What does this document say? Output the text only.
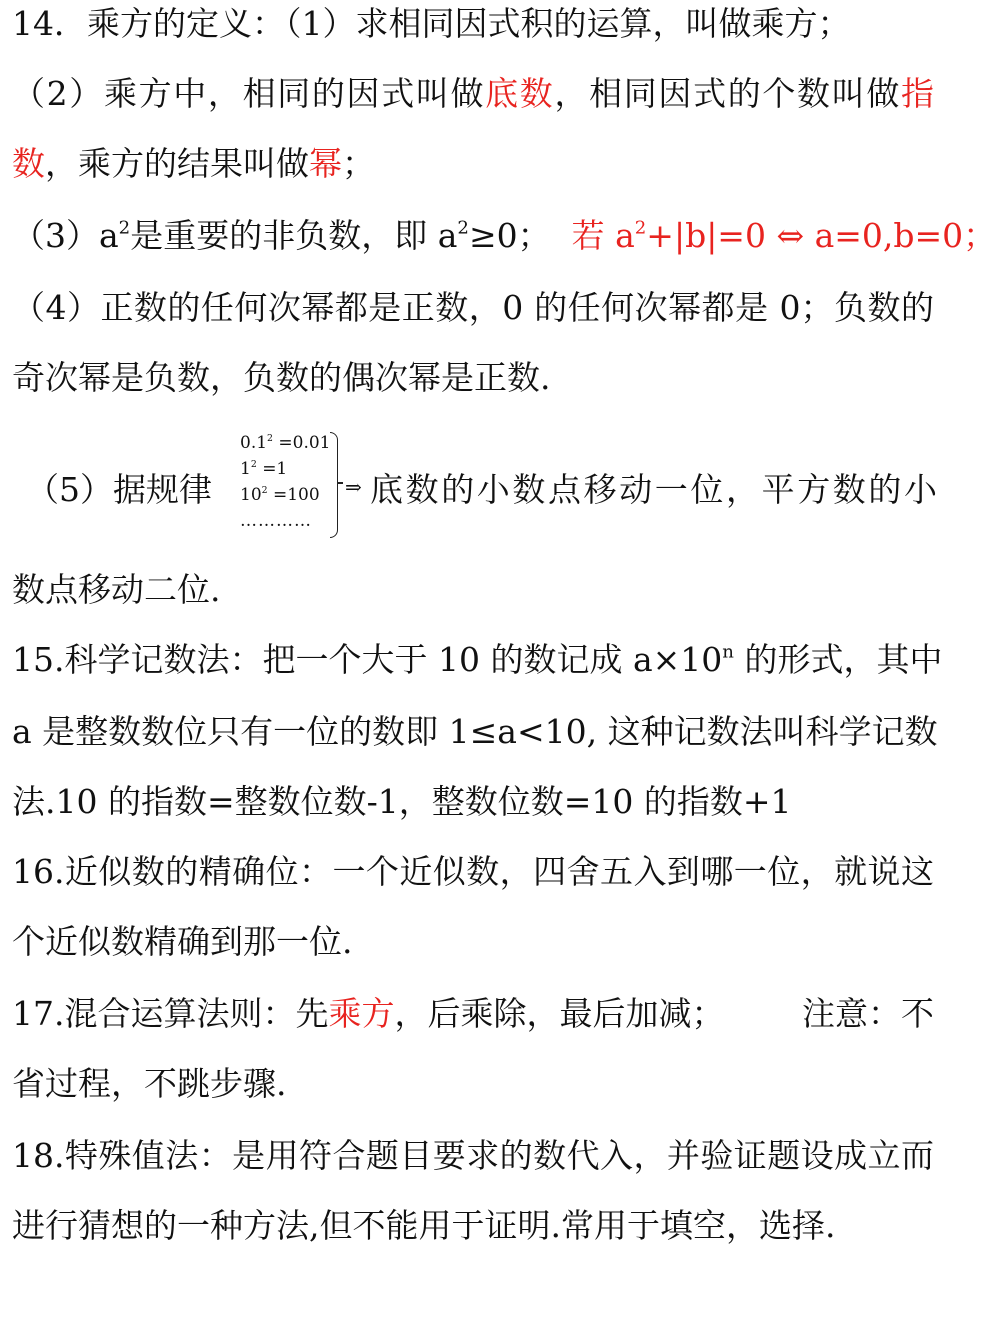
14．乘方的定义：（1）求相同因式积的运算，叫做乘方；
（2）乘方中，相同的因式叫做底数，相同因式的个数叫做指
数，乘方的结果叫做幂；
$(3)a^2$是重要的非负数，即 $a^2\ge 0$； 若 $a^2+|b|=0$ ⇔ a=0,b=0；
（4）正数的任何次幂都是正数，0 的任何次幂都是 0；负数的
奇次幂是负数，负数的偶次幂是正数.
（5）据规律
$0.1^2 =0.01$
$1^2 =1$
$10^2 =100$
…………
⇒ 底数的小数点移动一位，平方数的小
数点移动二位.
15.科学记数法：把一个大于 10 的数记成 $a\times 10^n$ 的形式，其中
a 是整数数位只有一位的数即 1≤a<10, 这种记数法叫科学记数
法.10 的指数=整数位数-1，整数位数=10 的指数+1
16.近似数的精确位：一个近似数，四舍五入到哪一位，就说这
个近似数精确到那一位.
17.混合运算法则：先乘方，后乘除，最后加减； 注意：不
省过程，不跳步骤.
18.特殊值法：是用符合题目要求的数代入，并验证题设成立而
进行猜想的一种方法,但不能用于证明.常用于填空，选择.
